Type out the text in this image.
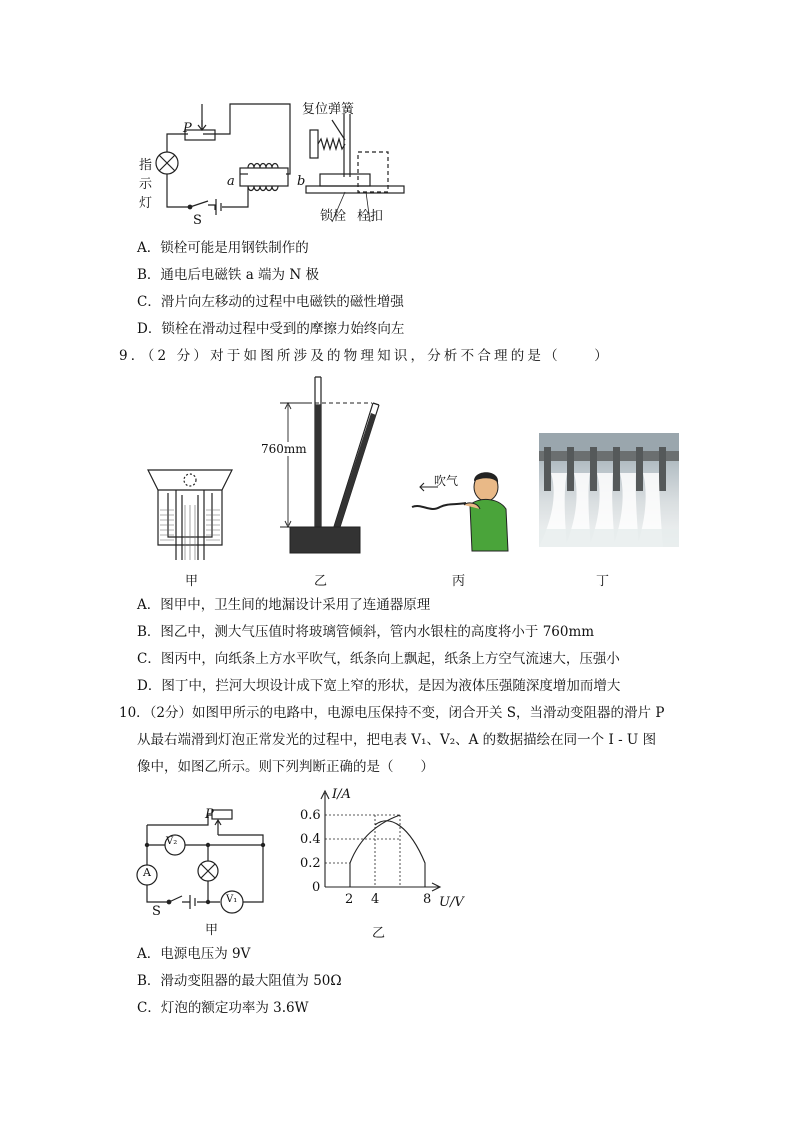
P
指
示
灯
a	b
S
复位弹簧
锁栓 栓扣
A．锁栓可能是用钢铁制作的
B．通电后电磁铁 a 端为 N 极
C．滑片向左移动的过程中电磁铁的磁性增强
D．锁栓在滑动过程中受到的摩擦力始终向左
9．（2 分）对于如图所涉及的物理知识，分析不合理的是（　　）
760mm
吹气
甲	乙	丙	丁
A．图甲中，卫生间的地漏设计采用了连通器原理
B．图乙中，测大气压值时将玻璃管倾斜，管内水银柱的高度将小于 760mm
C．图丙中，向纸条上方水平吹气，纸条向上飘起，纸条上方空气流速大，压强小
D．图丁中，拦河大坝设计成下宽上窄的形状，是因为液体压强随深度增加而增大
10．（2分）如图甲所示的电路中，电源电压保持不变，闭合开关 S，当滑动变阻器的滑片 P
从最右端滑到灯泡正常发光的过程中，把电表 V₁、V₂、A 的数据描绘在同一个 I - U 图
像中，如图乙所示。则下列判断正确的是（　　）
P
V₂
A
V₁
S
甲
I/A
U/V
0.6
0.4
0.2
0
2 4	8
乙
A．电源电压为 9V
B．滑动变阻器的最大阻值为 50Ω
C．灯泡的额定功率为 3.6W
